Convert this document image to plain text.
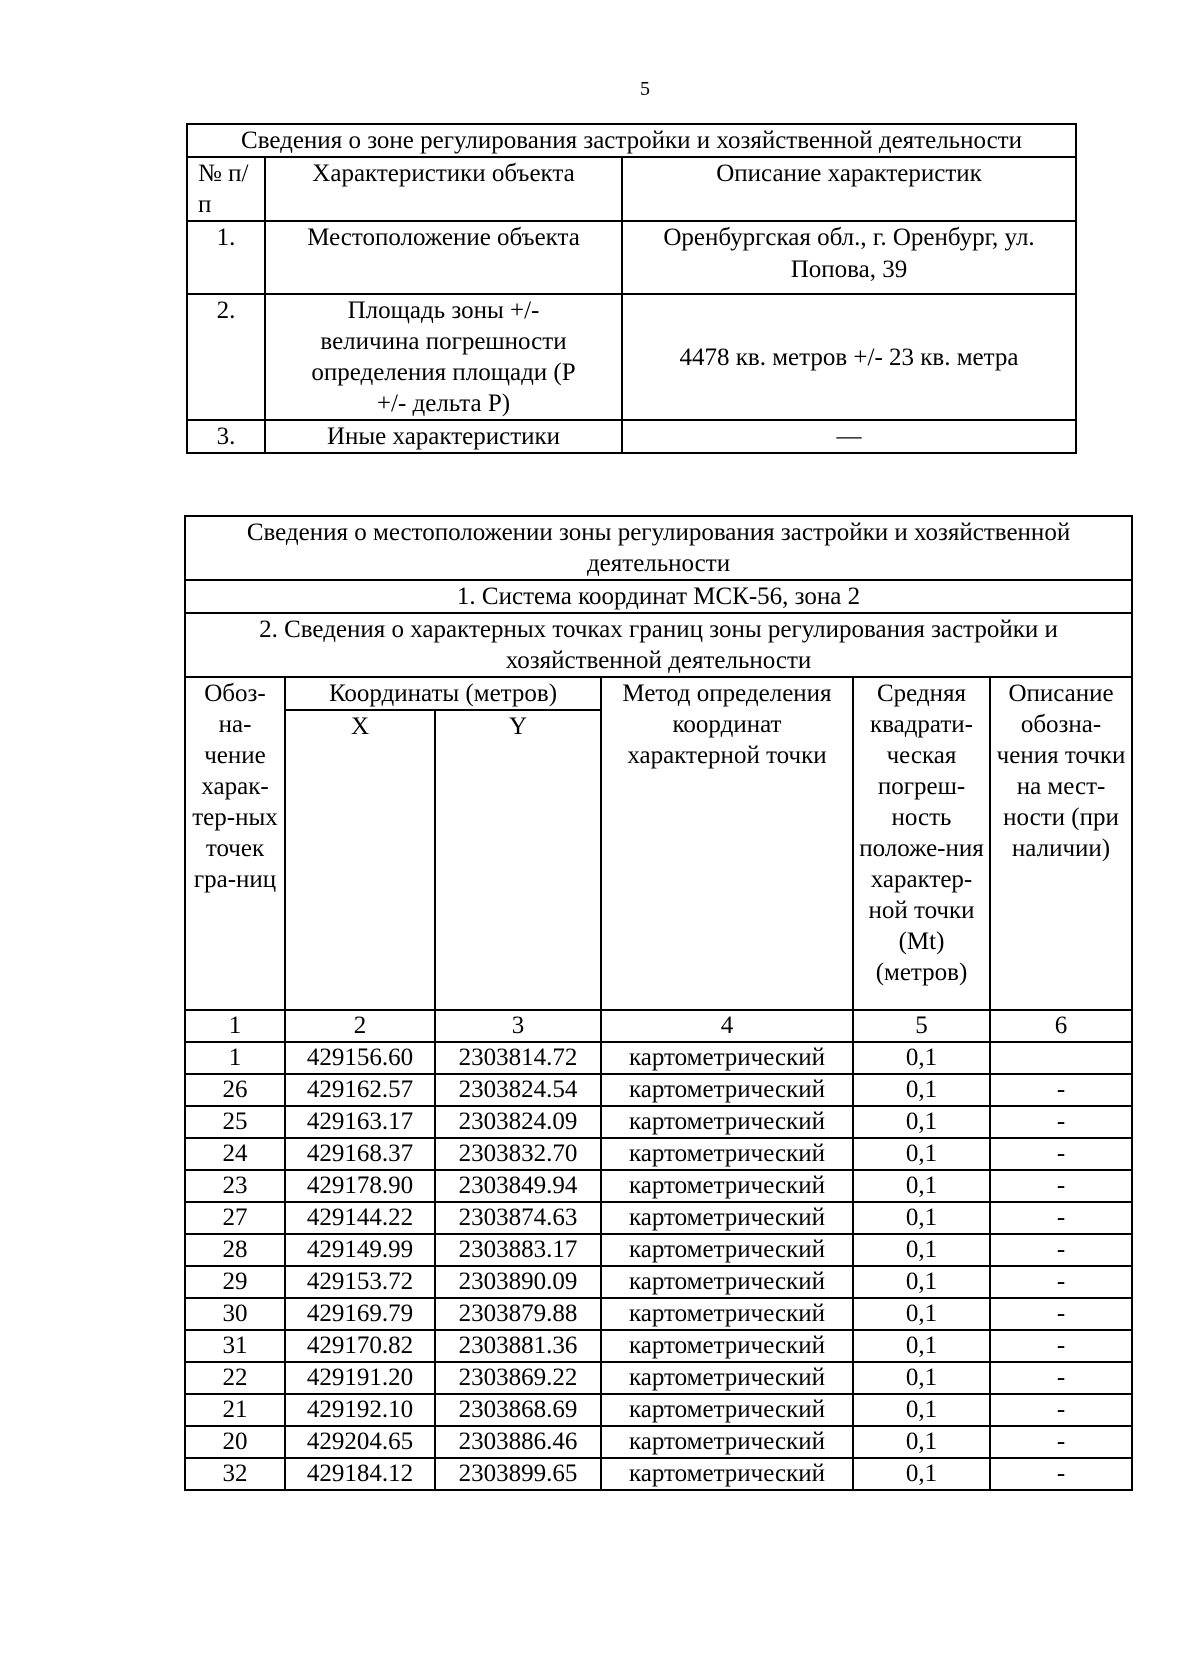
5
Сведения о зоне регулирования застройки и хозяйственной деятельности		
№ п/п	Характеристики объекта	Описание характеристик
1.	Местоположение объекта	Оренбургская обл., г. Оренбург, ул. Попова, 39
2.	Площадь зоны +/- величина погрешности определения площади (Р +/- дельта Р)	4478 кв. метров +/- 23 кв. метра
3.	Иные характеристики	—
Сведения о местоположении зоны регулирования застройки и хозяйственной деятельности					
1. Система координат МСК-56, зона 2					
2. Сведения о характерных точках границ зоны регулирования застройки и хозяйственной деятельности					
Обоз-на-чение харак-тер-ных точек гра-ниц	Координаты (метров)		Метод определения координат характерной точки	Средняя квадрати-ческая погреш-ность положе-ния характер-ной точки (Mt) (метров)	Описание обозна-чения точки на мест-ности (при наличии)
	X	Y			
1	2	3	4	5	6
1	429156.60	2303814.72	картометрический	0,1	
26	429162.57	2303824.54	картометрический	0,1	-
25	429163.17	2303824.09	картометрический	0,1	-
24	429168.37	2303832.70	картометрический	0,1	-
23	429178.90	2303849.94	картометрический	0,1	-
27	429144.22	2303874.63	картометрический	0,1	-
28	429149.99	2303883.17	картометрический	0,1	-
29	429153.72	2303890.09	картометрический	0,1	-
30	429169.79	2303879.88	картометрический	0,1	-
31	429170.82	2303881.36	картометрический	0,1	-
22	429191.20	2303869.22	картометрический	0,1	-
21	429192.10	2303868.69	картометрический	0,1	-
20	429204.65	2303886.46	картометрический	0,1	-
32	429184.12	2303899.65	картометрический	0,1	-
